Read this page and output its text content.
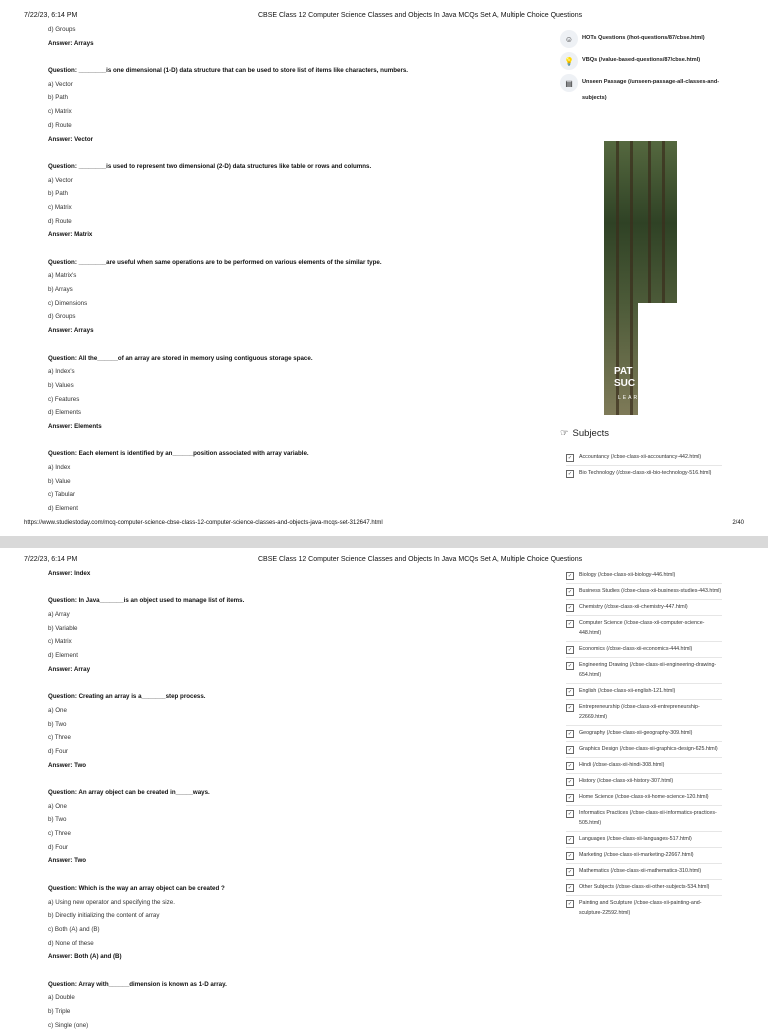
7/22/23, 6:14 PM	CBSE Class 12 Computer Science Classes and Objects In Java MCQs Set A, Multiple Choice Questions
d) Groups
Answer: Arrays
Question: ________is one dimensional (1-D) data structure that can be used to store list of items like characters, numbers.
a) Vector
b) Path
c) Matrix
d) Route
Answer: Vector
Question: ________is used to represent two dimensional (2-D) data structures like table or rows and columns.
a) Vector
b) Path
c) Matrix
d) Route
Answer: Matrix
Question: ________are useful when same operations are to be performed on various elements of the similar type.
a) Matrix's
b) Arrays
c) Dimensions
d) Groups
Answer: Arrays
Question: All the______of an array are stored in memory using contiguous storage space.
a) Index's
b) Values
c) Features
d) Elements
Answer: Elements
Question: Each element is identified by an______position associated with array variable.
a) Index
b) Value
c) Tabular
d) Element
☺	HOTs Questions (/hot-questions/87/cbse.html)
💡	VBQs (/value-based-questions/87/cbse.html)
▤	Unseen Passage (/unseen-passage-all-classes-and-subjects)
PAT
SUC
LEAR
☞ Subjects
✓	Accountancy (/cbse-class-xii-accountancy-442.html)
✓	Bio Technology (/cbse-class-xii-bio-technology-516.html)
https://www.studiestoday.com/mcq-computer-science-cbse-class-12-computer-science-classes-and-objects-java-mcqs-set-312647.html	2/40
7/22/23, 6:14 PM	CBSE Class 12 Computer Science Classes and Objects In Java MCQs Set A, Multiple Choice Questions
Answer: Index
Question: In Java_______is an object used to manage list of items.
a) Array
b) Variable
c) Matrix
d) Element
Answer: Array
Question: Creating an array is a_______step process.
a) One
b) Two
c) Three
d) Four
Answer: Two
Question: An array object can be created in_____ways.
a) One
b) Two
c) Three
d) Four
Answer: Two
Question: Which is the way an array object can be created ?
a) Using new operator and specifying the size.
b) Directly initializing the content of array
c) Both (A) and (B)
d) None of these
Answer: Both (A) and (B)
Question: Array with______dimension is known as 1-D array.
a) Double
b) Triple
c) Single (one)
✓	Biology (/cbse-class-xii-biology-446.html)
✓	Business Studies (/cbse-class-xii-business-studies-443.html)
✓	Chemistry (/cbse-class-xii-chemistry-447.html)
✓	Computer Science (/cbse-class-xii-computer-science-448.html)
✓	Economics (/cbse-class-xii-economics-444.html)
✓	Engineering Drawing (/cbse-class-xii-engineering-drawing-654.html)
✓	English (/cbse-class-xii-english-121.html)
✓	Entrepreneurship (/cbse-class-xii-entrepreneurship-22669.html)
✓	Geography (/cbse-class-xii-geography-309.html)
✓	Graphics Design (/cbse-class-xii-graphics-design-625.html)
✓	Hindi (/cbse-class-xii-hindi-308.html)
✓	History (/cbse-class-xii-history-307.html)
✓	Home Science (/cbse-class-xii-home-science-120.html)
✓	Informatics Practices (/cbse-class-xii-informatics-practices-505.html)
✓	Languages (/cbse-class-xii-languages-517.html)
✓	Marketing (/cbse-class-xii-marketing-22667.html)
✓	Mathematics (/cbse-class-xii-mathematics-310.html)
✓	Other Subjects (/cbse-class-xii-other-subjects-534.html)
✓	Painting and Sculpture (/cbse-class-xii-painting-and-sculpture-22592.html)
